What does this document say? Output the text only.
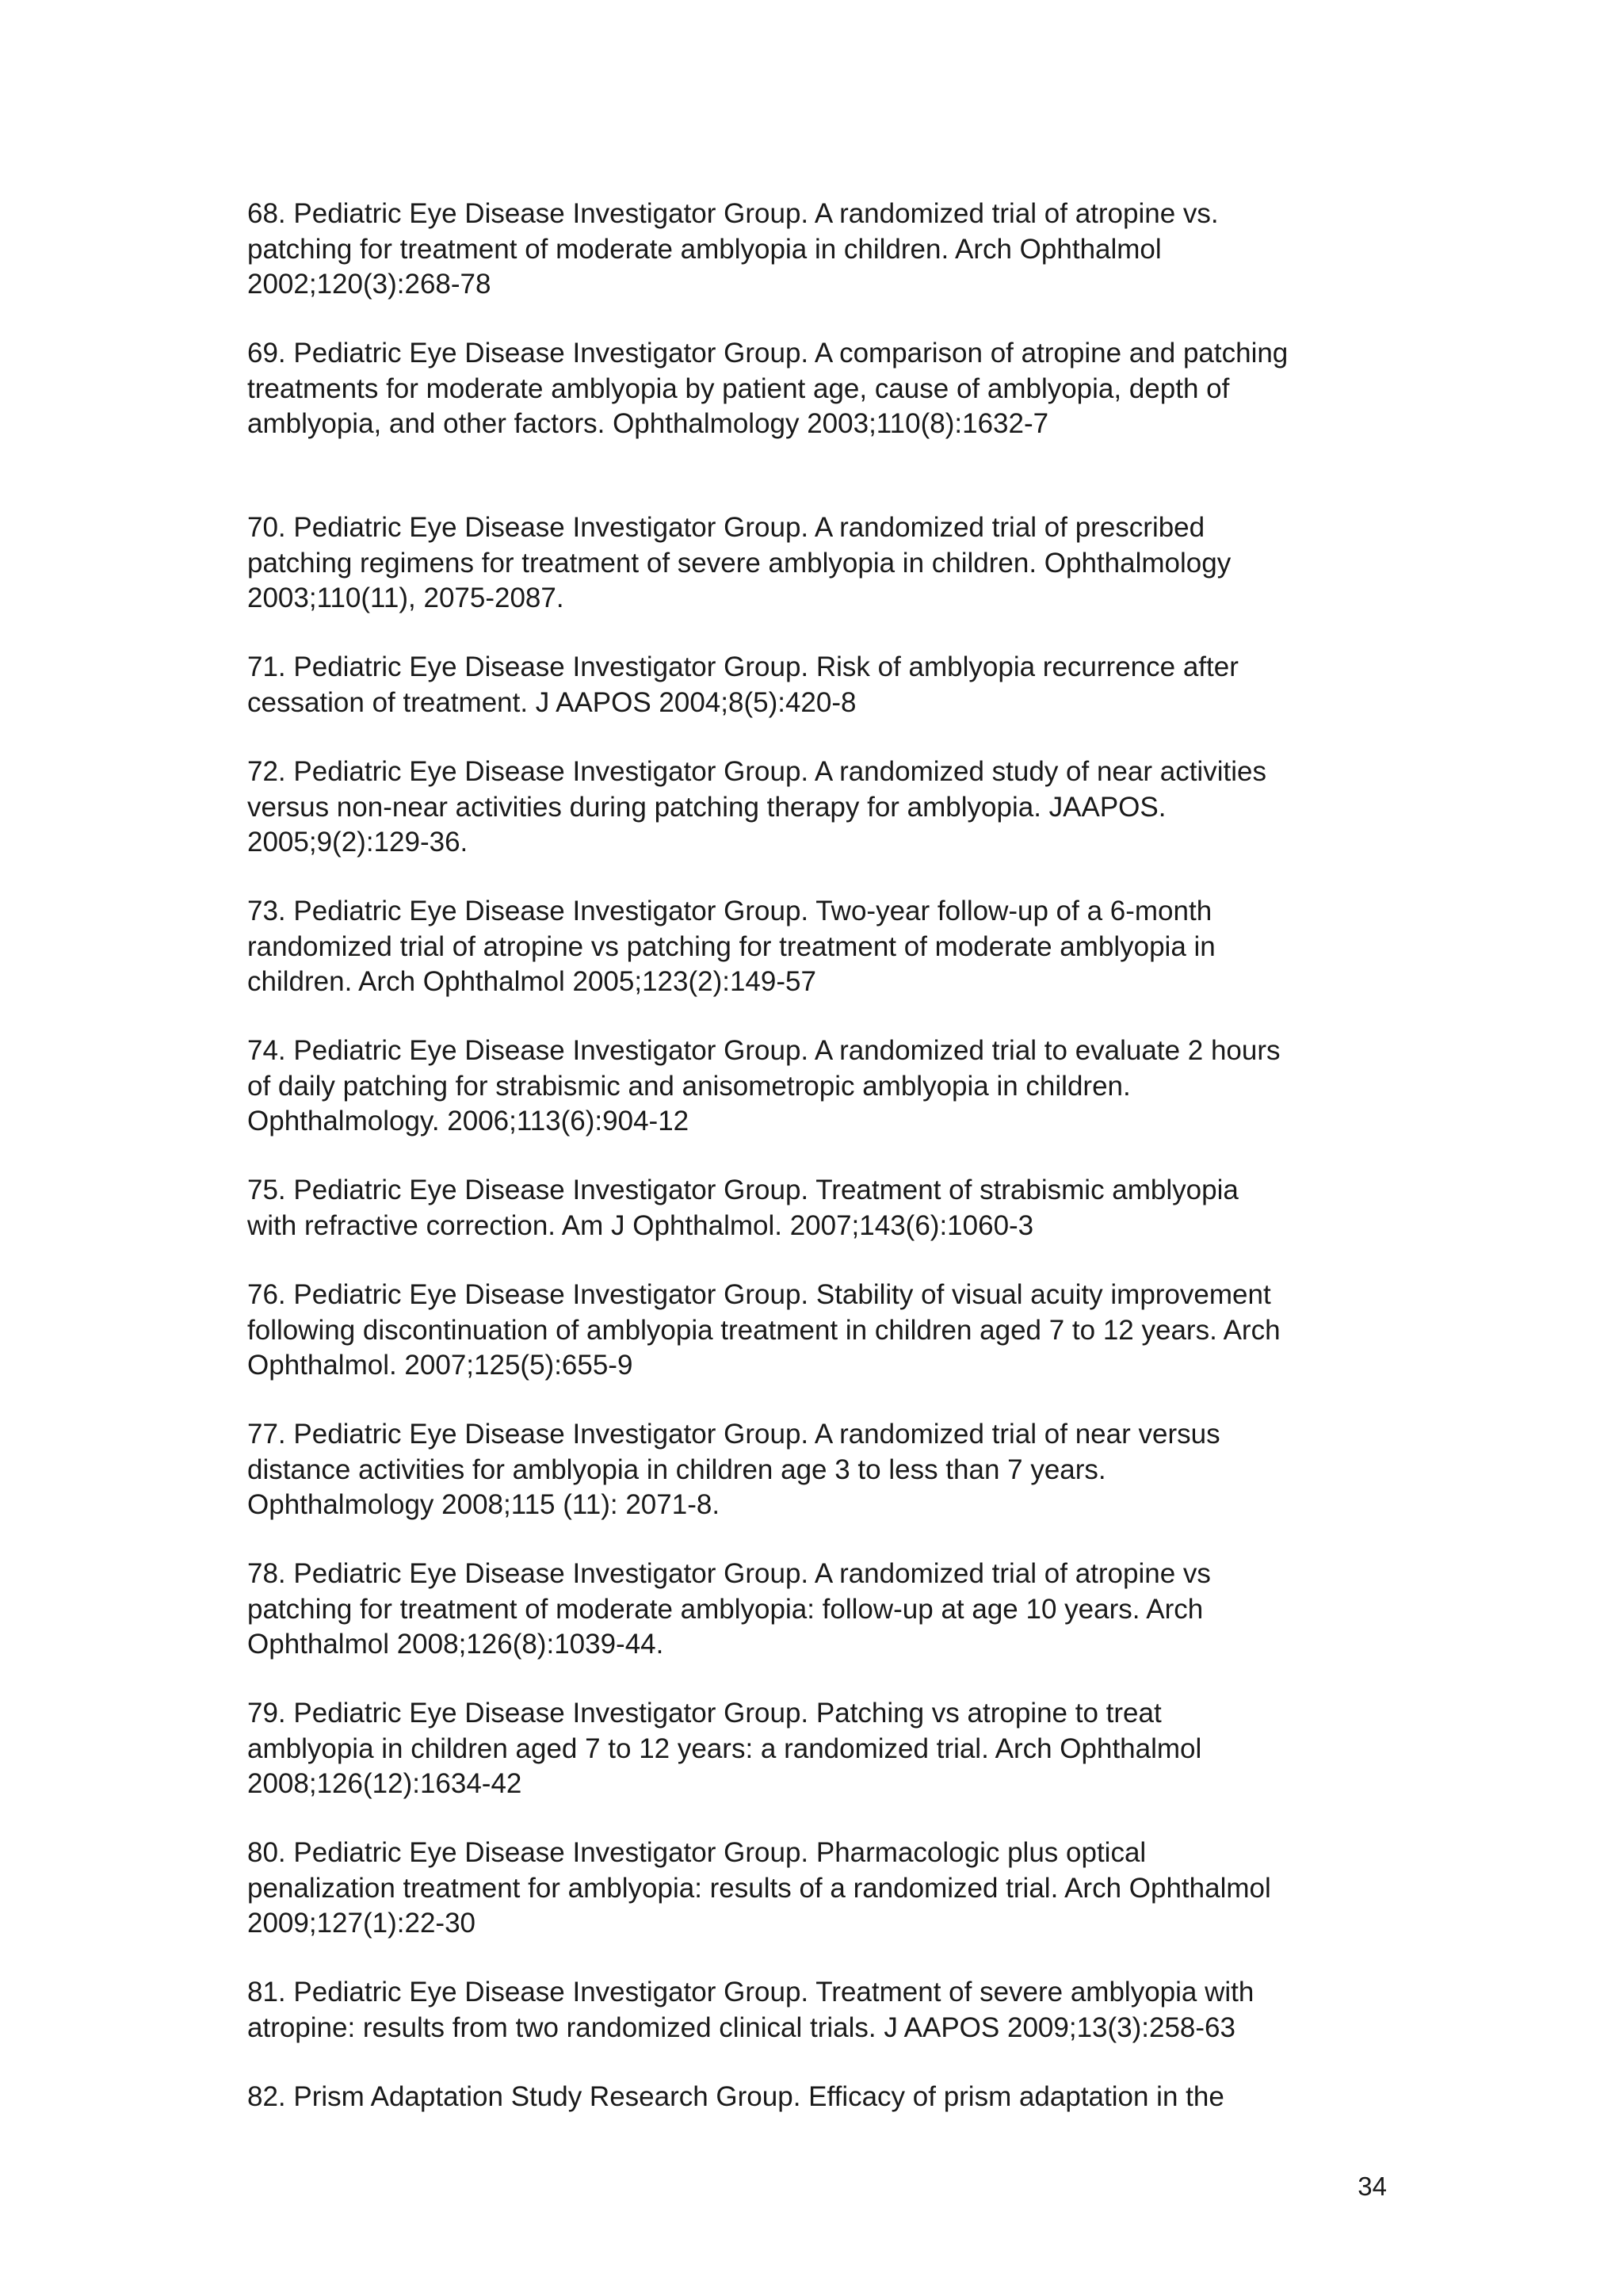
68. Pediatric Eye Disease Investigator Group. A randomized trial of atropine vs.
patching for treatment of moderate amblyopia in children. Arch Ophthalmol
2002;120(3):268-78

69. Pediatric Eye Disease Investigator Group. A comparison of atropine and patching
treatments for moderate amblyopia by patient age, cause of amblyopia, depth of
amblyopia, and other factors. Ophthalmology 2003;110(8):1632-7

70. Pediatric Eye Disease Investigator Group. A randomized trial of prescribed
patching regimens for treatment of severe amblyopia in children. Ophthalmology
2003;110(11), 2075-2087.

71. Pediatric Eye Disease Investigator Group. Risk of amblyopia recurrence after
cessation of treatment. J AAPOS 2004;8(5):420-8

72. Pediatric Eye Disease Investigator Group. A randomized study of near activities
versus non-near activities during patching therapy for amblyopia. JAAPOS.
2005;9(2):129-36.

73. Pediatric Eye Disease Investigator Group. Two-year follow-up of a 6-month
randomized trial of atropine vs patching for treatment of moderate amblyopia in
children. Arch Ophthalmol 2005;123(2):149-57

74. Pediatric Eye Disease Investigator Group. A randomized trial to evaluate 2 hours
of daily patching for strabismic and anisometropic amblyopia in children.
Ophthalmology. 2006;113(6):904-12

75. Pediatric Eye Disease Investigator Group. Treatment of strabismic amblyopia
with refractive correction. Am J Ophthalmol. 2007;143(6):1060-3

76. Pediatric Eye Disease Investigator Group. Stability of visual acuity improvement
following discontinuation of amblyopia treatment in children aged 7 to 12 years. Arch
Ophthalmol. 2007;125(5):655-9

77. Pediatric Eye Disease Investigator Group. A randomized trial of near versus
distance activities for amblyopia in children age 3 to less than 7 years.
Ophthalmology 2008;115 (11): 2071-8.

78. Pediatric Eye Disease Investigator Group. A randomized trial of atropine vs
patching for treatment of moderate amblyopia: follow-up at age 10 years. Arch
Ophthalmol 2008;126(8):1039-44.

79. Pediatric Eye Disease Investigator Group. Patching vs atropine to treat
amblyopia in children aged 7 to 12 years: a randomized trial. Arch Ophthalmol
2008;126(12):1634-42

80. Pediatric Eye Disease Investigator Group. Pharmacologic plus optical
penalization treatment for amblyopia: results of a randomized trial. Arch Ophthalmol
2009;127(1):22-30

81. Pediatric Eye Disease Investigator Group. Treatment of severe amblyopia with
atropine: results from two randomized clinical trials. J AAPOS 2009;13(3):258-63

82. Prism Adaptation Study Research Group. Efficacy of prism adaptation in the

34
